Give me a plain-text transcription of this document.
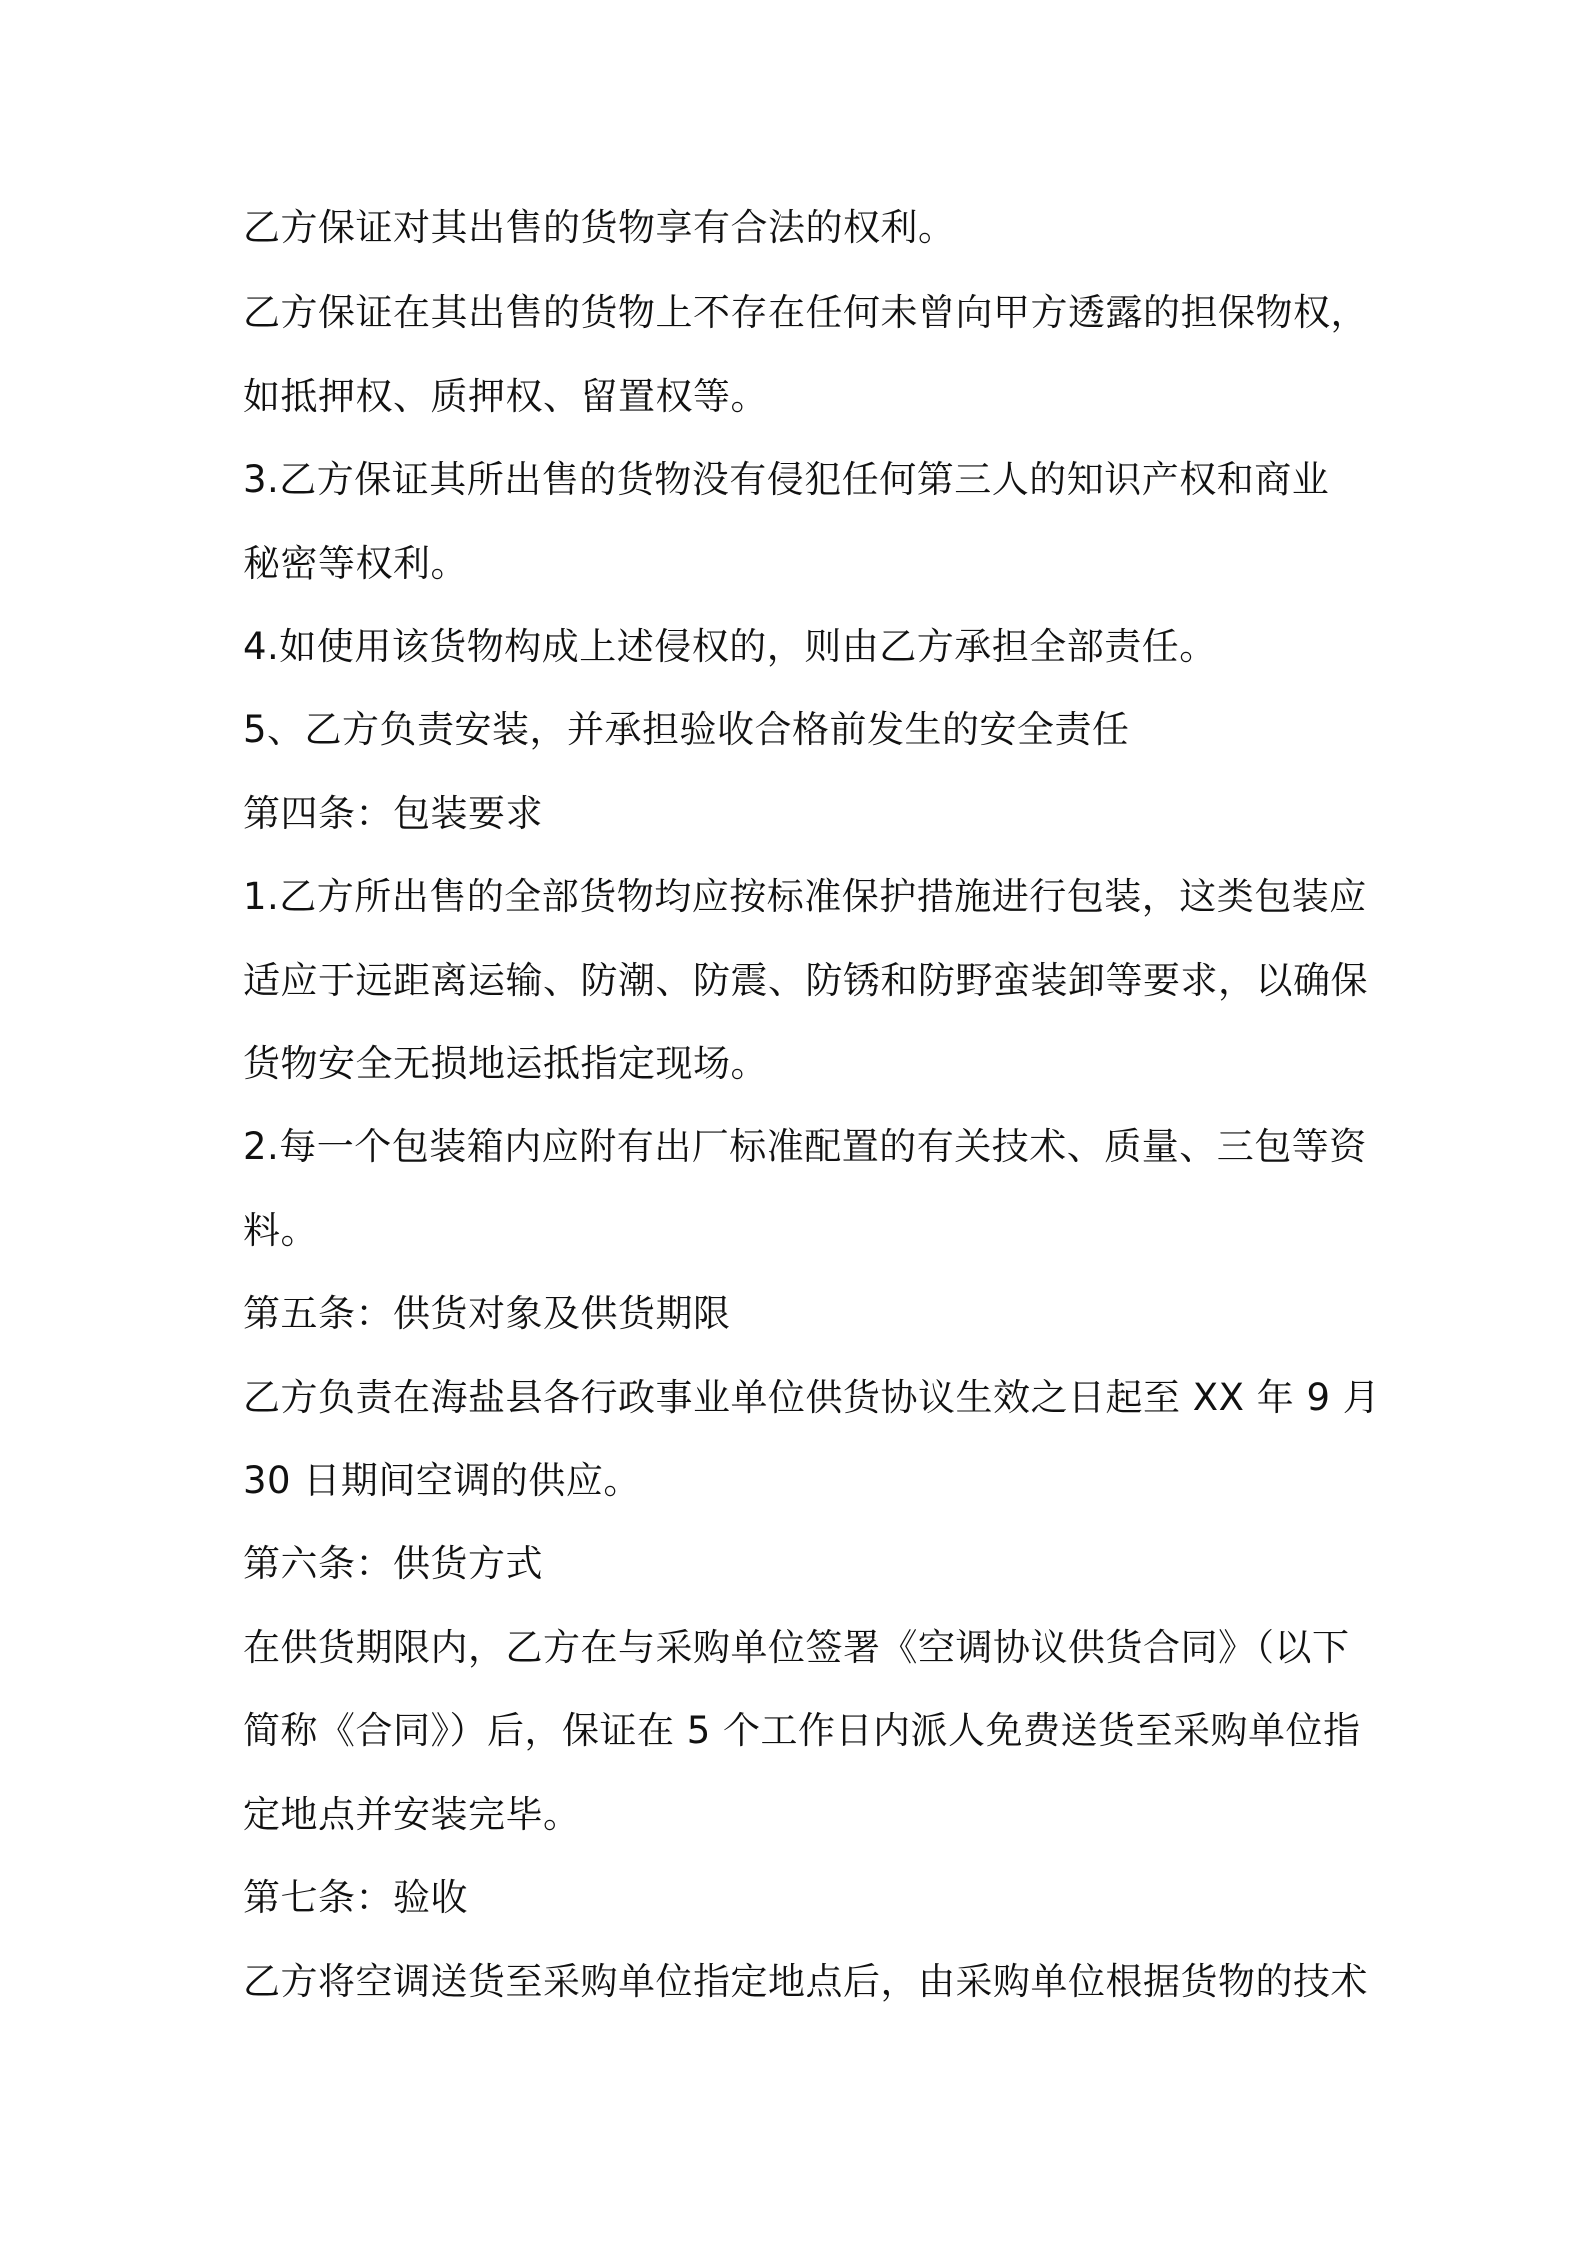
乙方保证对其出售的货物享有合法的权利。
乙方保证在其出售的货物上不存在任何未曾向甲方透露的担保物权，
如抵押权、质押权、留置权等。
3.乙方保证其所出售的货物没有侵犯任何第三人的知识产权和商业
秘密等权利。
4.如使用该货物构成上述侵权的，则由乙方承担全部责任。
5、乙方负责安装，并承担验收合格前发生的安全责任
第四条：包装要求
1.乙方所出售的全部货物均应按标准保护措施进行包装，这类包装应
适应于远距离运输、防潮、防震、防锈和防野蛮装卸等要求，以确保
货物安全无损地运抵指定现场。
2.每一个包装箱内应附有出厂标准配置的有关技术、质量、三包等资
料。
第五条：供货对象及供货期限
乙方负责在海盐县各行政事业单位供货协议生效之日起至 XX 年 9 月
30 日期间空调的供应。
第六条：供货方式
在供货期限内，乙方在与采购单位签署《空调协议供货合同》（以下
简称《合同》）后，保证在 5 个工作日内派人免费送货至采购单位指
定地点并安装完毕。
第七条：验收
乙方将空调送货至采购单位指定地点后，由采购单位根据货物的技术
